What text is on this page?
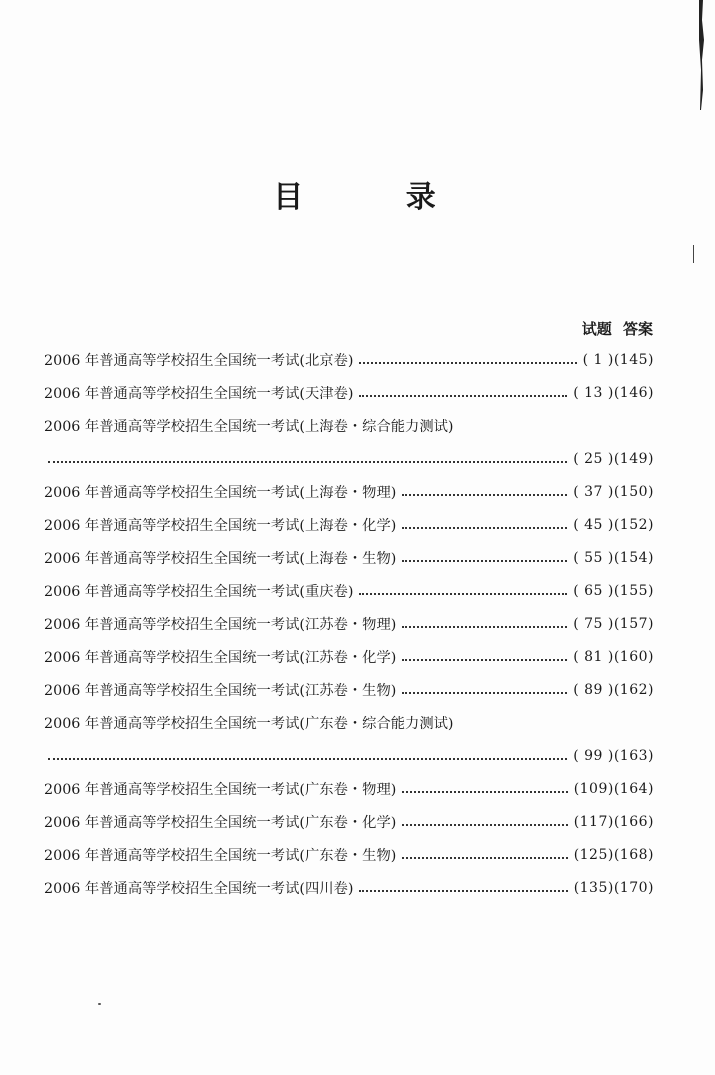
目 录
试题 答案
2006 年普通高等学校招生全国统一考试(北京卷)	( 1 )(145)
2006 年普通高等学校招生全国统一考试(天津卷)	( 13 )(146)
2006 年普通高等学校招生全国统一考试(上海卷・综合能力测试)
( 25 )(149)
2006 年普通高等学校招生全国统一考试(上海卷・物理)	( 37 )(150)
2006 年普通高等学校招生全国统一考试(上海卷・化学)	( 45 )(152)
2006 年普通高等学校招生全国统一考试(上海卷・生物)	( 55 )(154)
2006 年普通高等学校招生全国统一考试(重庆卷)	( 65 )(155)
2006 年普通高等学校招生全国统一考试(江苏卷・物理)	( 75 )(157)
2006 年普通高等学校招生全国统一考试(江苏卷・化学)	( 81 )(160)
2006 年普通高等学校招生全国统一考试(江苏卷・生物)	( 89 )(162)
2006 年普通高等学校招生全国统一考试(广东卷・综合能力测试)
( 99 )(163)
2006 年普通高等学校招生全国统一考试(广东卷・物理)	(109)(164)
2006 年普通高等学校招生全国统一考试(广东卷・化学)	(117)(166)
2006 年普通高等学校招生全国统一考试(广东卷・生物)	(125)(168)
2006 年普通高等学校招生全国统一考试(四川卷)	(135)(170)
